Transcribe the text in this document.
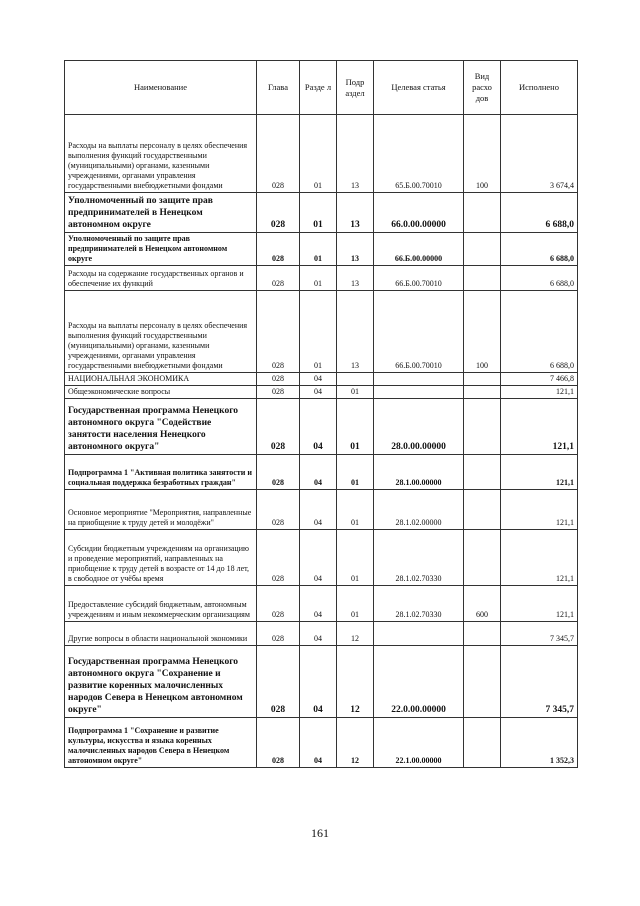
Наименование	Глава	Разде л	Подр аздел	Целевая статья	Вид расхо дов	Исполнено
Расходы на выплаты персоналу в целях обеспечения выполнения функций государственными (муниципальными) органами, казенными учреждениями, органами управления государственными внебюджетными фондами	028	01	13	65.Б.00.70010	100	3 674,4
Уполномоченный по защите прав предпринимателей в Ненецком автономном округе	028	01	13	66.0.00.00000		6 688,0
Уполномоченный по защите прав предпринимателей в Ненецком автономном округе	028	01	13	66.Б.00.00000		6 688,0
Расходы на содержание государственных органов и обеспечение их функций	028	01	13	66.Б.00.70010		6 688,0
Расходы на выплаты персоналу в целях обеспечения выполнения функций государственными (муниципальными) органами, казенными учреждениями, органами управления государственными внебюджетными фондами	028	01	13	66.Б.00.70010	100	6 688,0
НАЦИОНАЛЬНАЯ ЭКОНОМИКА	028	04				7 466,8
Общеэкономические вопросы	028	04	01			121,1
Государственная программа Ненецкого автономного округа "Содействие занятости населения Ненецкого автономного округа"	028	04	01	28.0.00.00000		121,1
Подпрограмма 1 "Активная политика занятости и социальная поддержка безработных граждан"	028	04	01	28.1.00.00000		121,1
Основное мероприятие "Мероприятия, направленные на приобщение к труду детей и молодёжи"	028	04	01	28.1.02.00000		121,1
Субсидии бюджетным учреждениям на организацию и проведение мероприятий, направленных на приобщение к труду детей в возрасте от 14 до 18 лет, в свободное от учёбы время	028	04	01	28.1.02.70330		121,1
Предоставление субсидий бюджетным, автономным учреждениям и иным некоммерческим организациям	028	04	01	28.1.02.70330	600	121,1
Другие вопросы в области национальной экономики	028	04	12			7 345,7
Государственная программа Ненецкого автономного округа "Сохранение и развитие коренных малочисленных народов Севера в Ненецком автономном округе"	028	04	12	22.0.00.00000		7 345,7
Подпрограмма 1 "Сохранение и развитие культуры, искусства и языка коренных малочисленных народов Севера в Ненецком автономном округе"	028	04	12	22.1.00.00000		1 352,3
161
